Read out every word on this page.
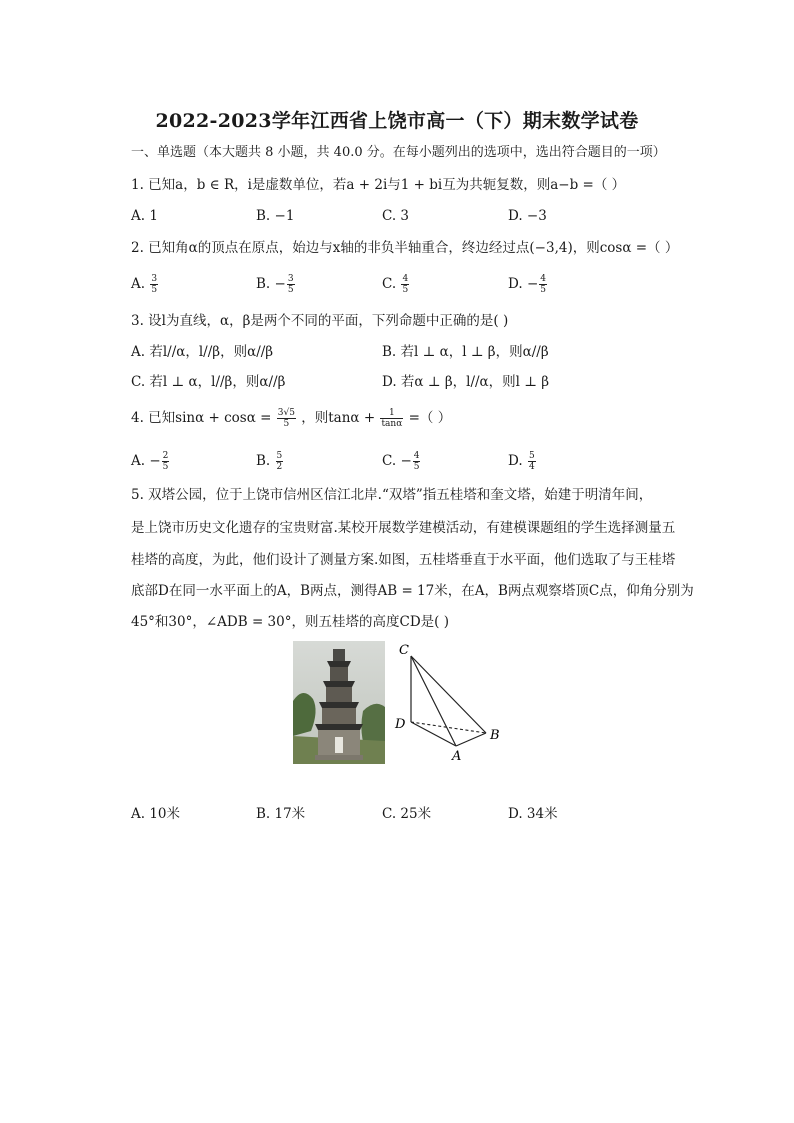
2022-2023学年江西省上饶市高一（下）期末数学试卷
一、单选题（本大题共 8 小题，共 40.0 分。在每小题列出的选项中，选出符合题目的一项）
1. 已知a，b ∈ R，i是虚数单位，若a + 2i与1 + bi互为共轭复数，则a−b =（ ）
A. 1	B. −1	C. 3	D. −3
2. 已知角α的顶点在原点，始边与x轴的非负半轴重合，终边经过点(−3,4)，则cosα =（ ）
A. $\frac{3}{5}$	B. − $\frac{3}{5}$	C. $\frac{4}{5}$	D. − $\frac{4}{5}$
3. 设l为直线，α，β是两个不同的平面，下列命题中正确的是( )
A. 若l//α，l//β，则α//β	B. 若l ⊥ α，l ⊥ β，则α//β
C. 若l ⊥ α，l//β，则α//β	D. 若α ⊥ β，l//α，则l ⊥ β
4. 已知$\sin\alpha + \cos\alpha = \frac{3√5}{5}$ ，则$\tan\alpha + \frac{1}{\tan\alpha}$ =（ ）
A. − $\frac{2}{5}$	B. $\frac{5}{2}$	C. − $\frac{4}{5}$	D. $\frac{5}{4}$
5. 双塔公园，位于上饶市信州区信江北岸.“双塔”指五桂塔和奎文塔，始建于明清年间，
是上饶市历史文化遗存的宝贵财富.某校开展数学建模活动，有建模课题组的学生选择测量五
桂塔的高度，为此，他们设计了测量方案.如图，五桂塔垂直于水平面，他们选取了与王桂塔
底部D在同一水平面上的A，B两点，测得AB = 17米，在A，B两点观察塔顶C点，仰角分别为
45°和30°，∠ADB = 30°，则五桂塔的高度CD是( )
C
D
A
B
A. 10米	B. 17米	C. 25米	D. 34米
